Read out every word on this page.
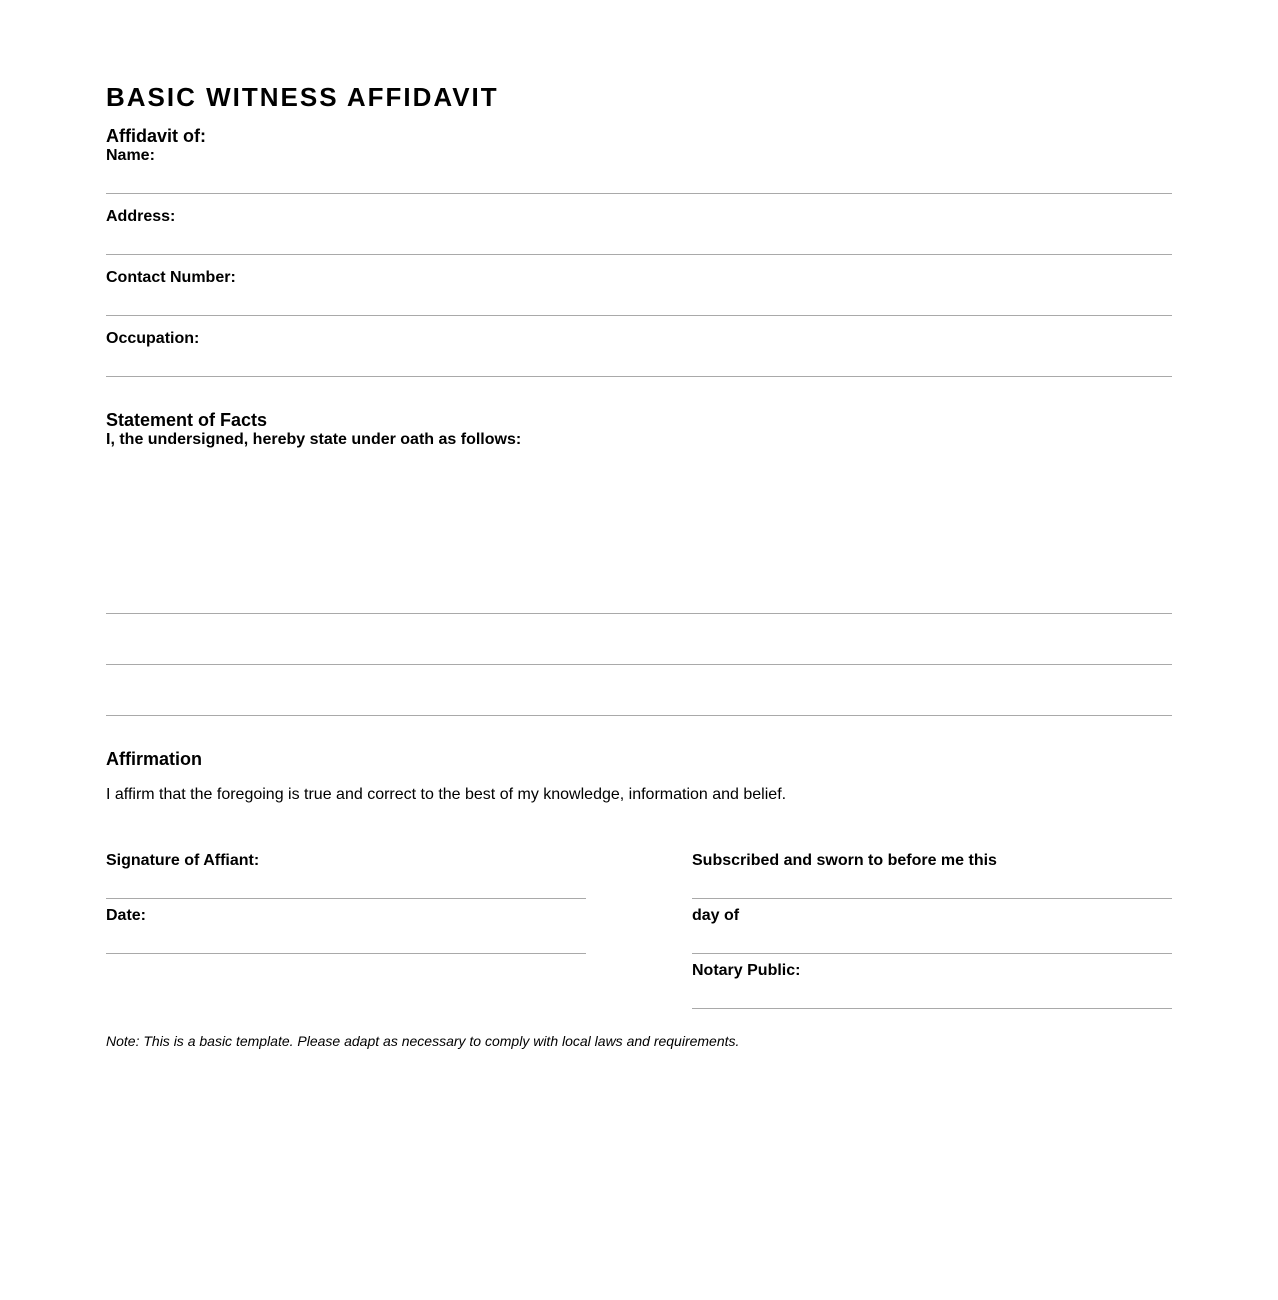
BASIC WITNESS AFFIDAVIT
Affidavit of:
Name:
Address:
Contact Number:
Occupation:
Statement of Facts
I, the undersigned, hereby state under oath as follows:
Affirmation
I affirm that the foregoing is true and correct to the best of my knowledge, information and belief.
Signature of Affiant:
Date:
Subscribed and sworn to before me this
day of
Notary Public:
Note: This is a basic template. Please adapt as necessary to comply with local laws and requirements.
